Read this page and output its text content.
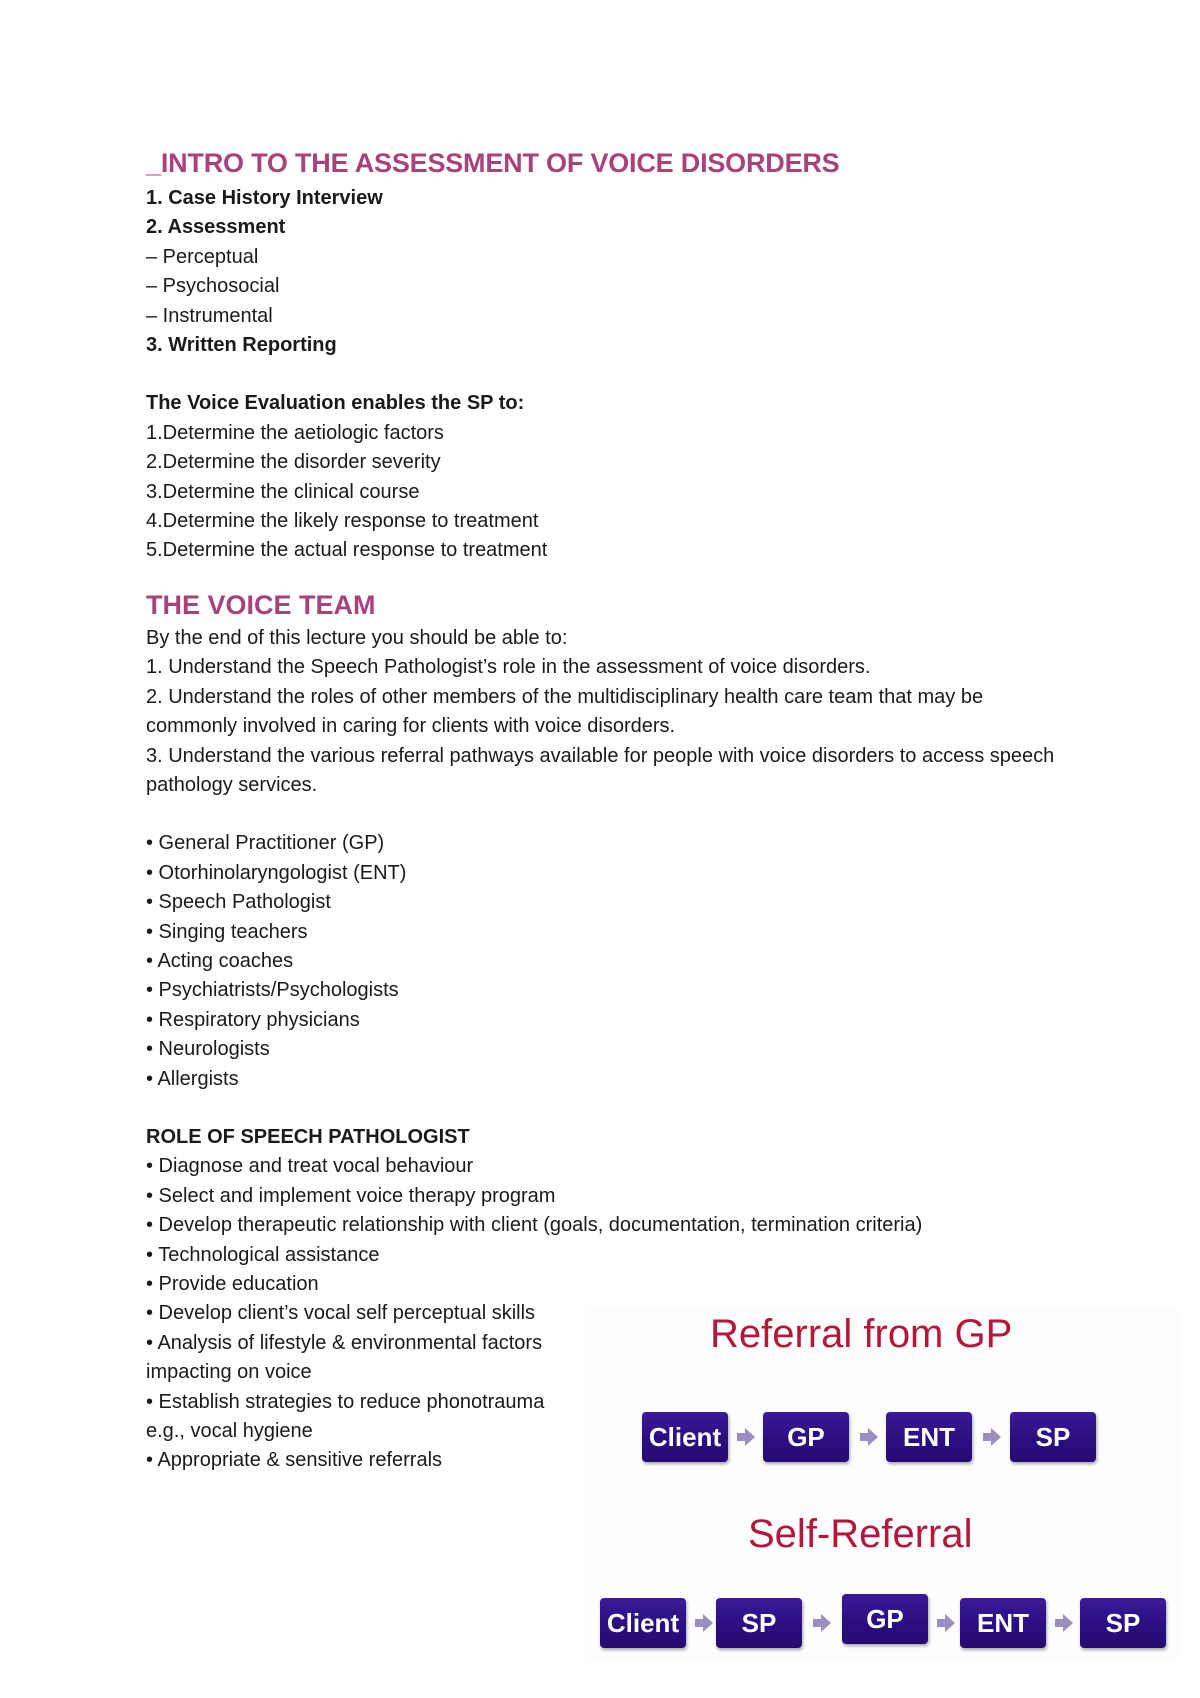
_INTRO TO THE ASSESSMENT OF VOICE DISORDERS
1. Case History Interview
2. Assessment
– Perceptual
– Psychosocial
– Instrumental
3. Written Reporting
The Voice Evaluation enables the SP to:
1.Determine the aetiologic factors
2.Determine the disorder severity
3.Determine the clinical course
4.Determine the likely response to treatment
5.Determine the actual response to treatment
THE VOICE TEAM
By the end of this lecture you should be able to:
1. Understand the Speech Pathologist’s role in the assessment of voice disorders.
2. Understand the roles of other members of the multidisciplinary health care team that may be commonly involved in caring for clients with voice disorders.
3. Understand the various referral pathways available for people with voice disorders to access speech pathology services.
• General Practitioner (GP)
• Otorhinolaryngologist (ENT)
• Speech Pathologist
• Singing teachers
• Acting coaches
• Psychiatrists/Psychologists
• Respiratory physicians
• Neurologists
• Allergists
ROLE OF SPEECH PATHOLOGIST
• Diagnose and treat vocal behaviour
• Select and implement voice therapy program
• Develop therapeutic relationship with client (goals, documentation, termination criteria)
• Technological assistance
• Provide education
• Develop client’s vocal self perceptual skills
• Analysis of lifestyle & environmental factors impacting on voice
• Establish strategies to reduce phonotrauma e.g., vocal hygiene
• Appropriate & sensitive referrals
Referral from GP
Client	GP	ENT	SP
Self-Referral
Client	SP	GP	ENT	SP
